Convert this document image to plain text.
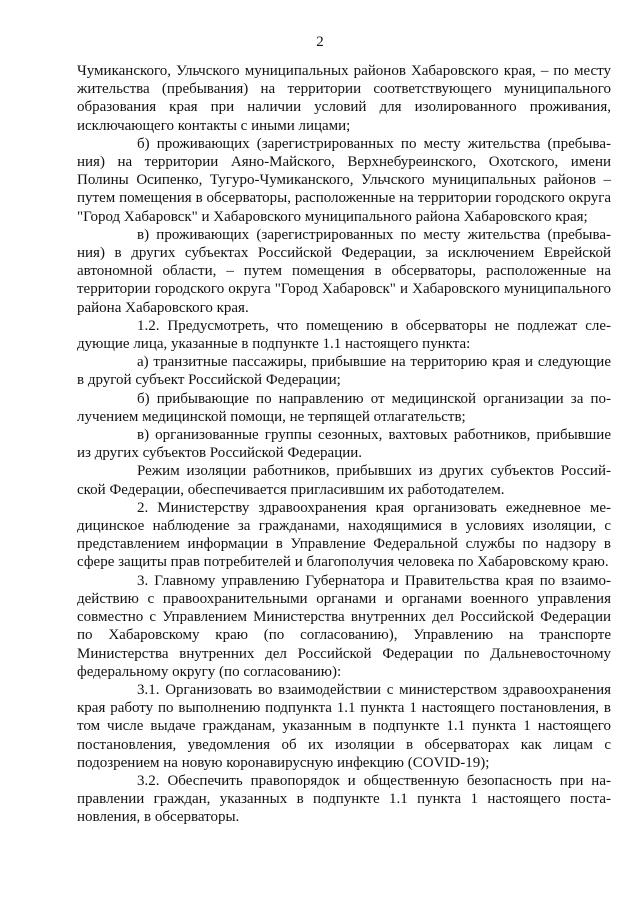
2

Чумиканского, Ульчского муниципальных районов Хабаровского края, – по месту жительства (пребывания) на территории соответствующего муниципального образования края при наличии условий для изолированного проживания, исключающего контакты с иными лицами;

б) проживающих (зарегистрированных по месту жительства (пребывания) на территории Аяно-Майского, Верхнебуреинского, Охотского, имени Полины Осипенко, Тугуро-Чумиканского, Ульчского муниципальных районов – путем помещения в обсерваторы, расположенные на территории городского округа "Город Хабаровск" и Хабаровского муниципального района Хабаровского края;

в) проживающих (зарегистрированных по месту жительства (пребывания) в других субъектах Российской Федерации, за исключением Еврейской автономной области, – путем помещения в обсерваторы, расположенные на территории городского округа "Город Хабаровск" и Хабаровского муниципального района Хабаровского края.

1.2. Предусмотреть, что помещению в обсерваторы не подлежат следующие лица, указанные в подпункте 1.1 настоящего пункта:

а) транзитные пассажиры, прибывшие на территорию края и следующие в другой субъект Российской Федерации;

б) прибывающие по направлению от медицинской организации за получением медицинской помощи, не терпящей отлагательств;

в) организованные группы сезонных, вахтовых работников, прибывшие из других субъектов Российской Федерации.

Режим изоляции работников, прибывших из других субъектов Российской Федерации, обеспечивается пригласившим их работодателем.

2. Министерству здравоохранения края организовать ежедневное медицинское наблюдение за гражданами, находящимися в условиях изоляции, с представлением информации в Управление Федеральной службы по надзору в сфере защиты прав потребителей и благополучия человека по Хабаровскому краю.

3. Главному управлению Губернатора и Правительства края по взаимодействию с правоохранительными органами и органами военного управления совместно с Управлением Министерства внутренних дел Российской Федерации по Хабаровскому краю (по согласованию), Управлению на транспорте Министерства внутренних дел Российской Федерации по Дальневосточному федеральному округу (по согласованию):

3.1. Организовать во взаимодействии с министерством здравоохранения края работу по выполнению подпункта 1.1 пункта 1 настоящего постановления, в том числе выдаче гражданам, указанным в подпункте 1.1 пункта 1 настоящего постановления, уведомления об их изоляции в обсерваторах как лицам с подозрением на новую коронавирусную инфекцию (COVID-19);

3.2. Обеспечить правопорядок и общественную безопасность при направлении граждан, указанных в подпункте 1.1 пункта 1 настоящего постановления, в обсерваторы.
